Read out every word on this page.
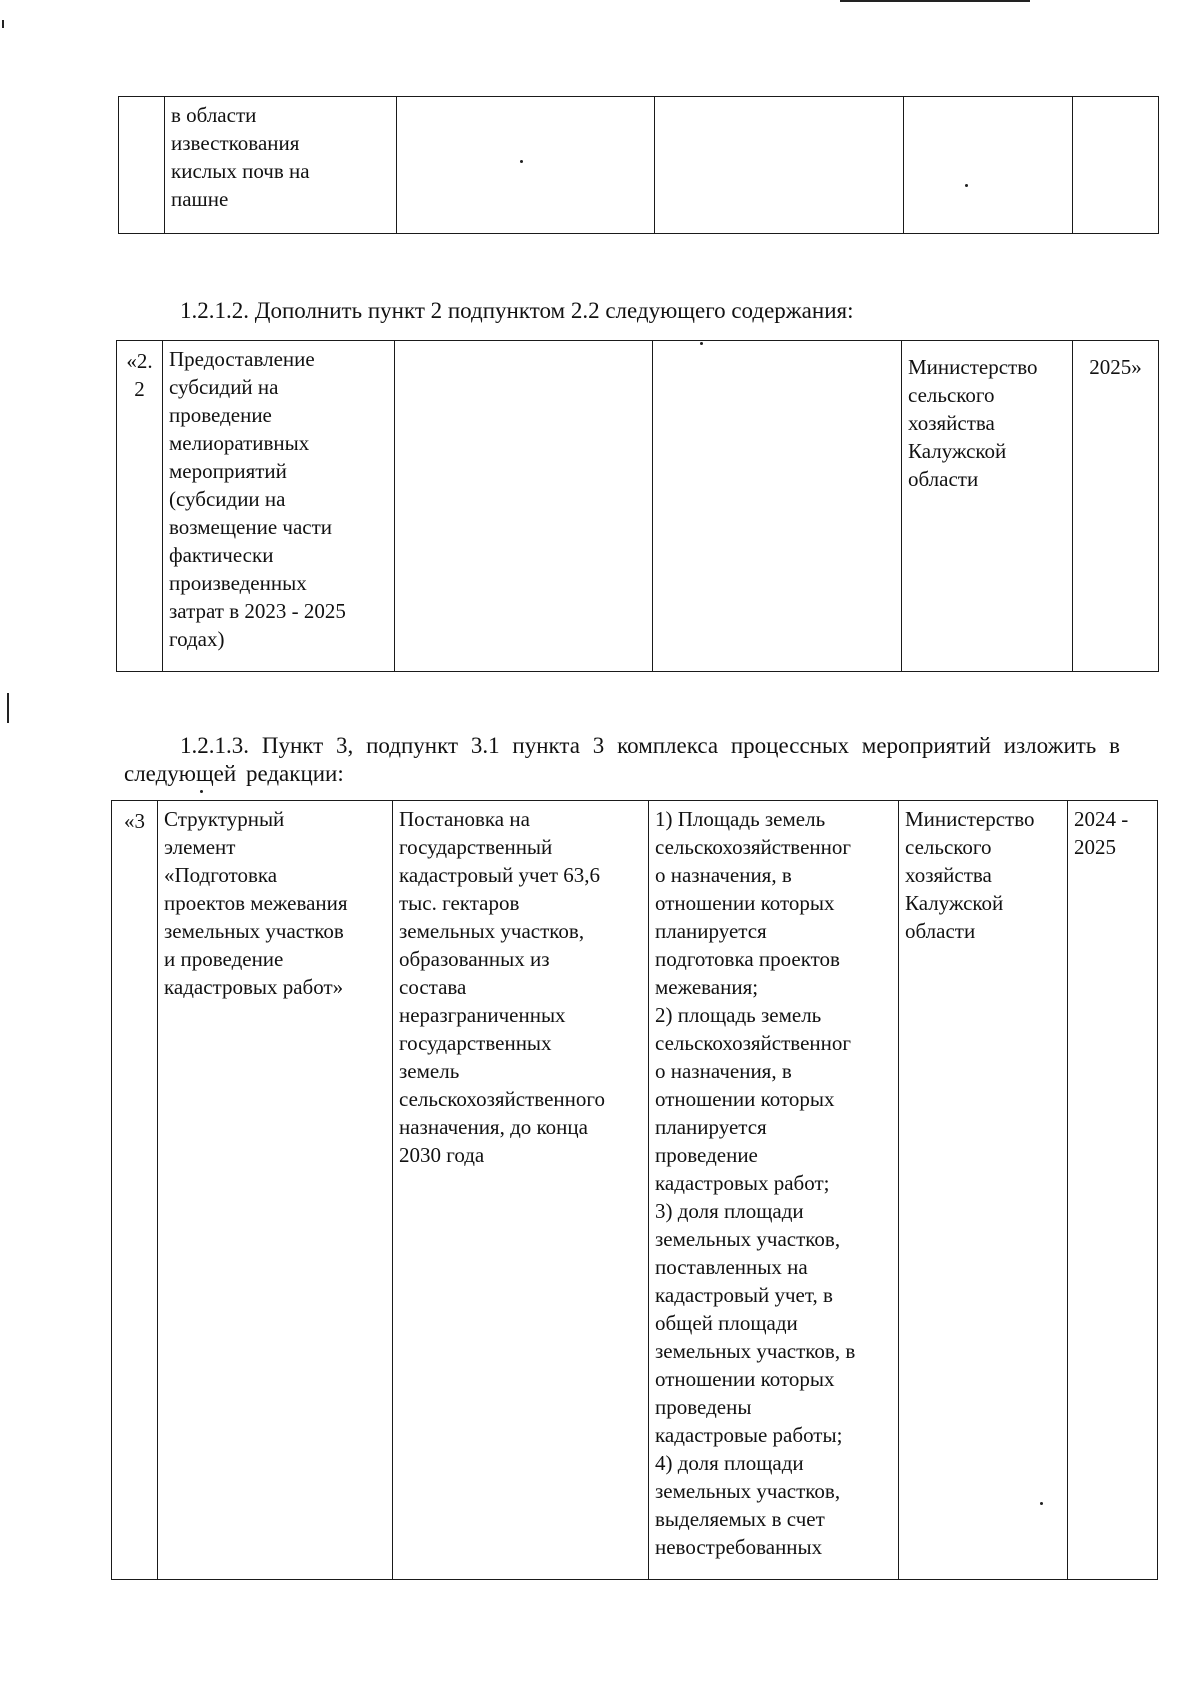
	в области
известкования
кислых почв на
пашне				

1.2.1.2. Дополнить пункт 2 подпунктом 2.2 следующего содержания:

«2.
2	Предоставление
субсидий на
проведение
мелиоративных
мероприятий
(субсидии на
возмещение части
фактически
произведенных
затрат в 2023 - 2025
годах)			Министерство
сельского
хозяйства
Калужской
области	2025»

1.2.1.3. Пункт 3, подпункт 3.1 пункта 3 комплекса процессных мероприятий изложить в следующей редакции:

«3	Структурный
элемент
«Подготовка
проектов межевания
земельных участков
и проведение
кадастровых работ»	Постановка на
государственный
кадастровый учет 63,6
тыс. гектаров
земельных участков,
образованных из
состава
неразграниченных
государственных
земель
сельскохозяйственного
назначения, до конца
2030 года	1) Площадь земель
сельскохозяйственног
о назначения, в
отношении которых
планируется
подготовка проектов
межевания;
2) площадь земель
сельскохозяйственног
о назначения, в
отношении которых
планируется
проведение
кадастровых работ;
3) доля площади
земельных участков,
поставленных на
кадастровый учет, в
общей площади
земельных участков, в
отношении которых
проведены
кадастровые работы;
4) доля площади
земельных участков,
выделяемых в счет
невостребованных	Министерство
сельского
хозяйства
Калужской
области	2024 -
2025
